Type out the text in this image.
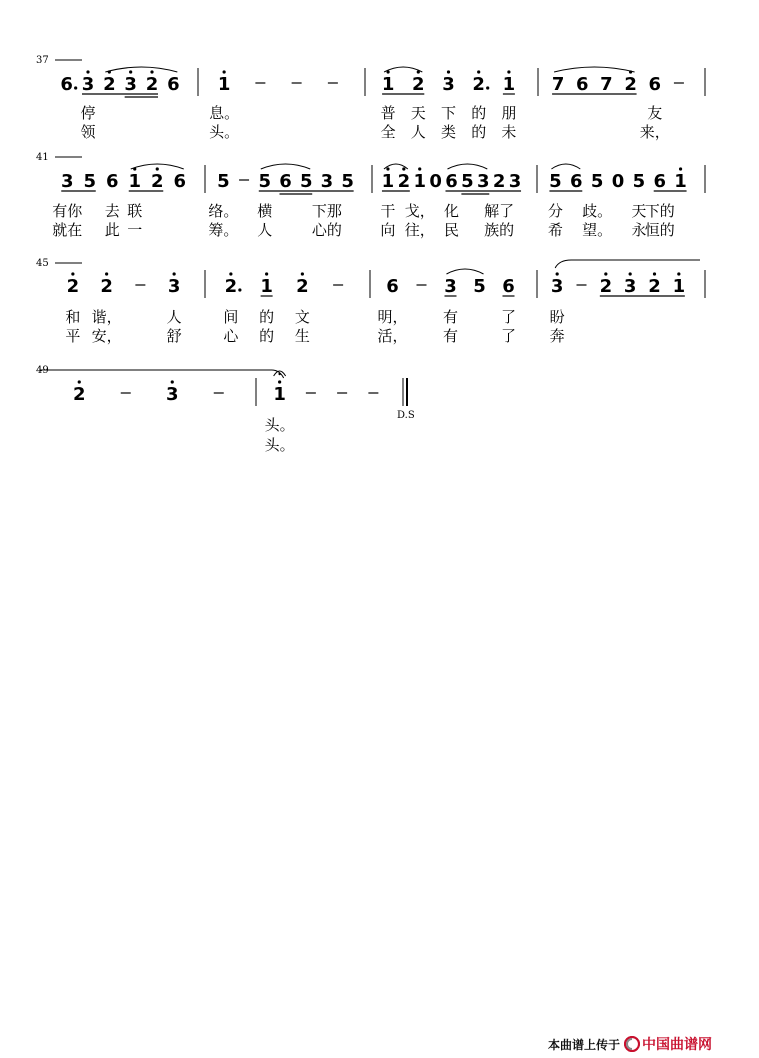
37
6 3
停
领
2 3 2 6 1
息。
头。
1
普
全
2
天
人
3
下
类
2
的
的
1
朋
未
7 6 7 2 6
友
来，
41
3
有你
就在
5 6
去
此
1
联
一
2 6 5
络。
筹。
5
横
人
6 5 3
下那
心的
5 1
干
向
2 1
戈，
往，
0 6
化
民
5 3 2
解了
族的
3 5
分
希
6 5
歧。
望。
0 5
天
永
6
下的
恒的
1
45
2
和
平
2
谐，
安，
3
人
舒
2
间
心
1
的
的
2
文
生
6
明，
活，
3
有
有
5 6
了
了
3
盼
奔
2 3 2 1
49
2	3	1
头。
头。
D.S
本曲谱上传于 中国曲谱网
